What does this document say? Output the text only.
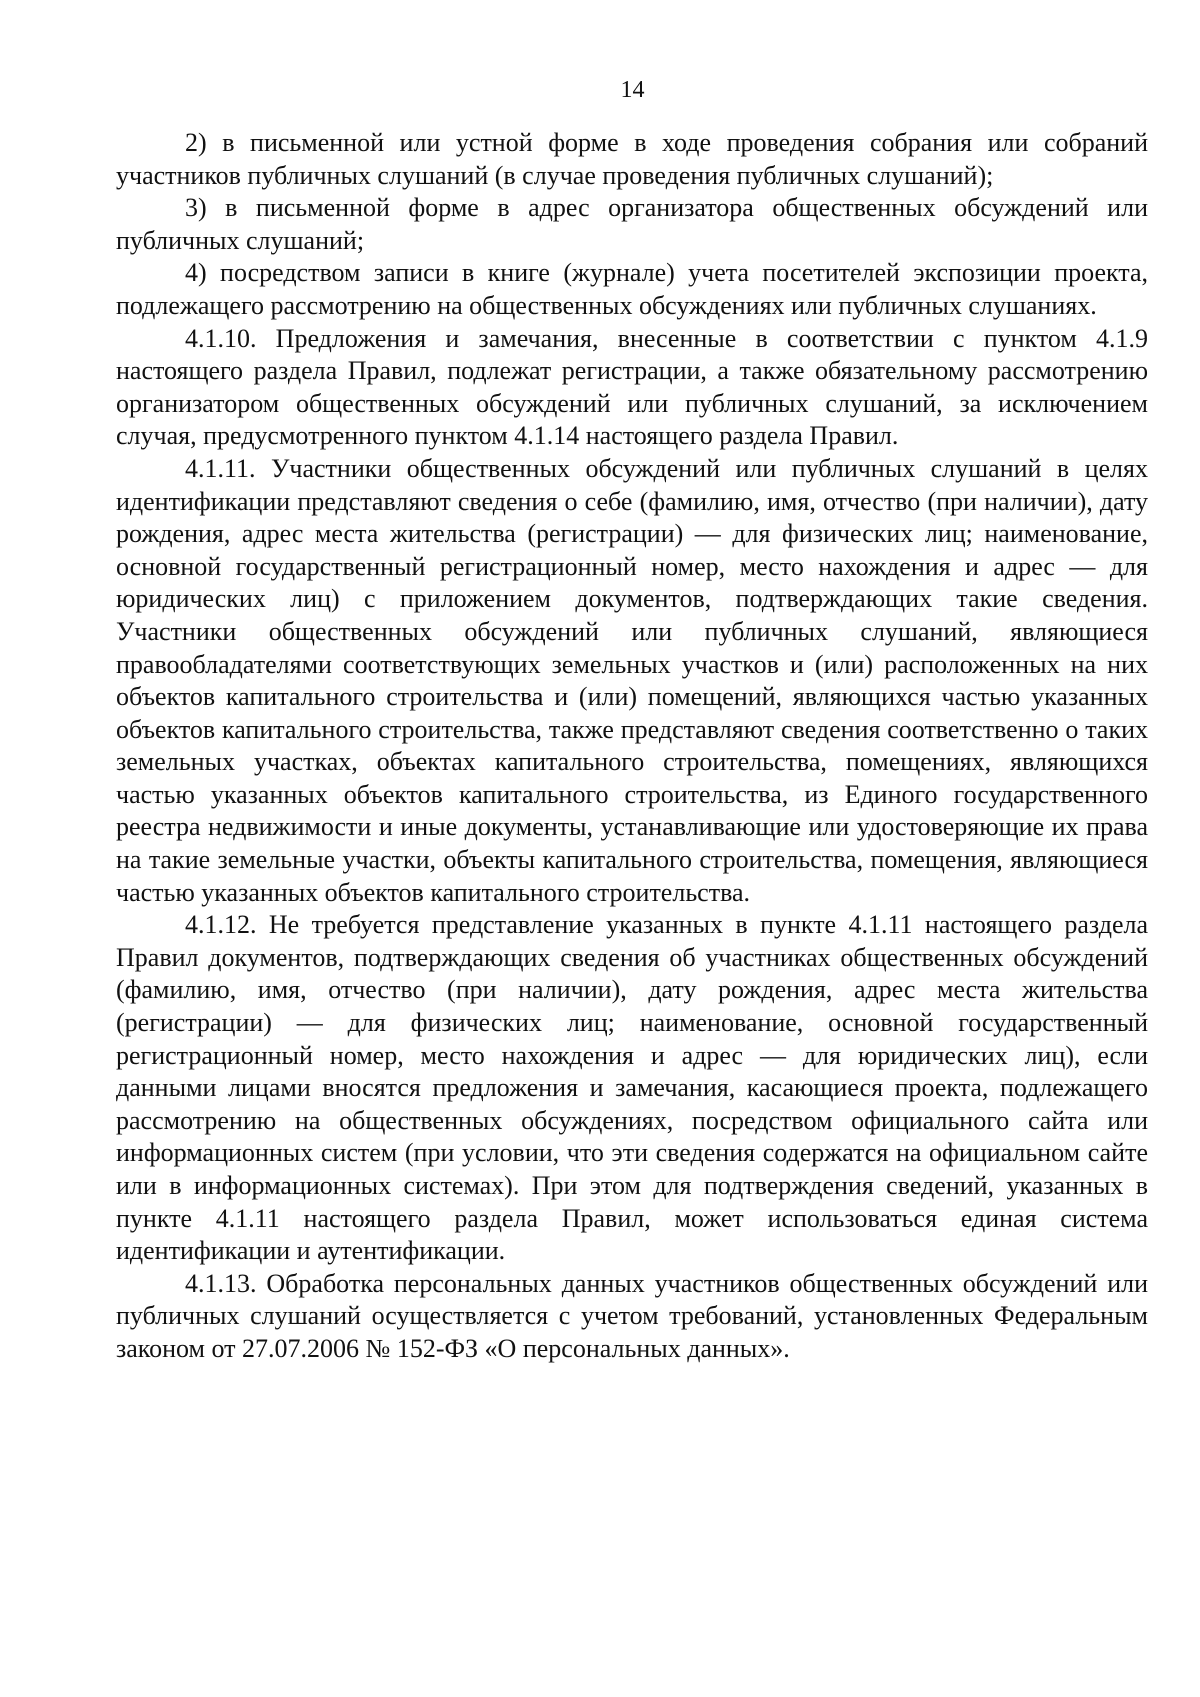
14

2) в письменной или устной форме в ходе проведения собрания или собраний участников публичных слушаний (в случае проведения публичных слушаний);

3) в письменной форме в адрес организатора общественных обсуждений или публичных слушаний;

4) посредством записи в книге (журнале) учета посетителей экспозиции проекта, подлежащего рассмотрению на общественных обсуждениях или публичных слушаниях.

4.1.10. Предложения и замечания, внесенные в соответствии с пунктом 4.1.9 настоящего раздела Правил, подлежат регистрации, а также обязательному рассмотрению организатором общественных обсуждений или публичных слушаний, за исключением случая, предусмотренного пунктом 4.1.14 настоящего раздела Правил.

4.1.11. Участники общественных обсуждений или публичных слушаний в целях идентификации представляют сведения о себе (фамилию, имя, отчество (при наличии), дату рождения, адрес места жительства (регистрации) — для физических лиц; наименование, основной государственный регистрационный номер, место нахождения и адрес — для юридических лиц) с приложением документов, подтверждающих такие сведения. Участники общественных обсуждений или публичных слушаний, являющиеся правообладателями соответствующих земельных участков и (или) расположенных на них объектов капитального строительства и (или) помещений, являющихся частью указанных объектов капитального строительства, также представляют сведения соответственно о таких земельных участках, объектах капитального строительства, помещениях, являющихся частью указанных объектов капитального строительства, из Единого государственного реестра недвижимости и иные документы, устанавливающие или удостоверяющие их права на такие земельные участки, объекты капитального строительства, помещения, являющиеся частью указанных объектов капитального строительства.

4.1.12. Не требуется представление указанных в пункте 4.1.11 настоящего раздела Правил документов, подтверждающих сведения об участниках общественных обсуждений (фамилию, имя, отчество (при наличии), дату рождения, адрес места жительства (регистрации) — для физических лиц; наименование, основной государственный регистрационный номер, место нахождения и адрес — для юридических лиц), если данными лицами вносятся предложения и замечания, касающиеся проекта, подлежащего рассмотрению на общественных обсуждениях, посредством официального сайта или информационных систем (при условии, что эти сведения содержатся на официальном сайте или в информационных системах). При этом для подтверждения сведений, указанных в пункте 4.1.11 настоящего раздела Правил, может использоваться единая система идентификации и аутентификации.

4.1.13. Обработка персональных данных участников общественных обсуждений или публичных слушаний осуществляется с учетом требований, установленных Федеральным законом от 27.07.2006 № 152-ФЗ «О персональных данных».
